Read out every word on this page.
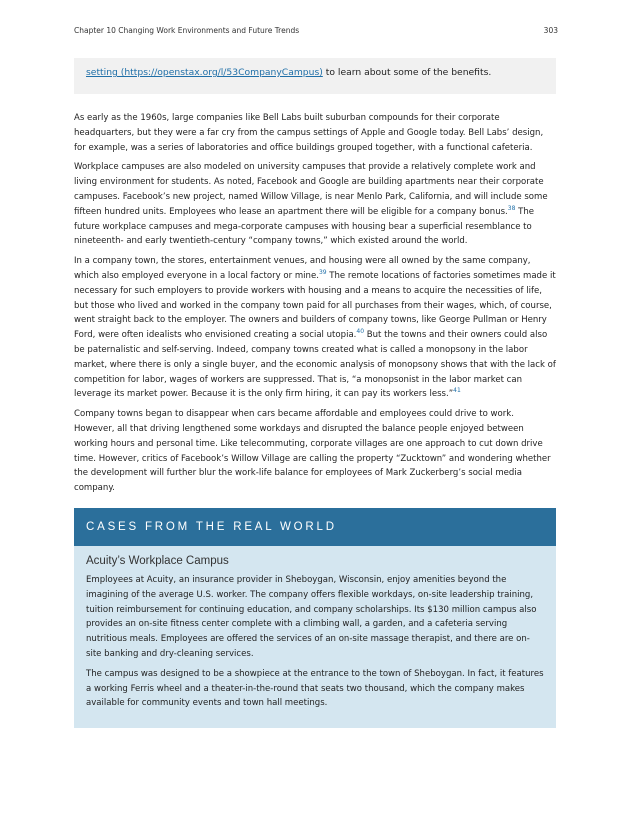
Chapter 10 Changing Work Environments and Future Trends	303
setting (https://openstax.org/l/53CompanyCampus) to learn about some of the benefits.

As early as the 1960s, large companies like Bell Labs built suburban compounds for their corporate headquarters, but they were a far cry from the campus settings of Apple and Google today. Bell Labs’ design, for example, was a series of laboratories and office buildings grouped together, with a functional cafeteria.

Workplace campuses are also modeled on university campuses that provide a relatively complete work and living environment for students. As noted, Facebook and Google are building apartments near their corporate campuses. Facebook’s new project, named Willow Village, is near Menlo Park, California, and will include some fifteen hundred units. Employees who lease an apartment there will be eligible for a company bonus.$^{38}$ The future workplace campuses and mega-corporate campuses with housing bear a superficial resemblance to nineteenth- and early twentieth-century “company towns,” which existed around the world.

In a company town, the stores, entertainment venues, and housing were all owned by the same company, which also employed everyone in a local factory or mine.$^{39}$ The remote locations of factories sometimes made it necessary for such employers to provide workers with housing and a means to acquire the necessities of life, but those who lived and worked in the company town paid for all purchases from their wages, which, of course, went straight back to the employer. The owners and builders of company towns, like George Pullman or Henry Ford, were often idealists who envisioned creating a social utopia.$^{40}$ But the towns and their owners could also be paternalistic and self-serving. Indeed, company towns created what is called a monopsony in the labor market, where there is only a single buyer, and the economic analysis of monopsony shows that with the lack of competition for labor, wages of workers are suppressed. That is, “a monopsonist in the labor market can leverage its market power. Because it is the only firm hiring, it can pay its workers less.”$^{41}$

Company towns began to disappear when cars became affordable and employees could drive to work. However, all that driving lengthened some workdays and disrupted the balance people enjoyed between working hours and personal time. Like telecommuting, corporate villages are one approach to cut down drive time. However, critics of Facebook’s Willow Village are calling the property “Zucktown” and wondering whether the development will further blur the work-life balance for employees of Mark Zuckerberg’s social media company.

CASES FROM THE REAL WORLD
Acuity’s Workplace Campus

Employees at Acuity, an insurance provider in Sheboygan, Wisconsin, enjoy amenities beyond the imagining of the average U.S. worker. The company offers flexible workdays, on-site leadership training, tuition reimbursement for continuing education, and company scholarships. Its $130 million campus also provides an on-site fitness center complete with a climbing wall, a garden, and a cafeteria serving nutritious meals. Employees are offered the services of an on-site massage therapist, and there are on-site banking and dry-cleaning services.

The campus was designed to be a showpiece at the entrance to the town of Sheboygan. In fact, it features a working Ferris wheel and a theater-in-the-round that seats two thousand, which the company makes available for community events and town hall meetings.
